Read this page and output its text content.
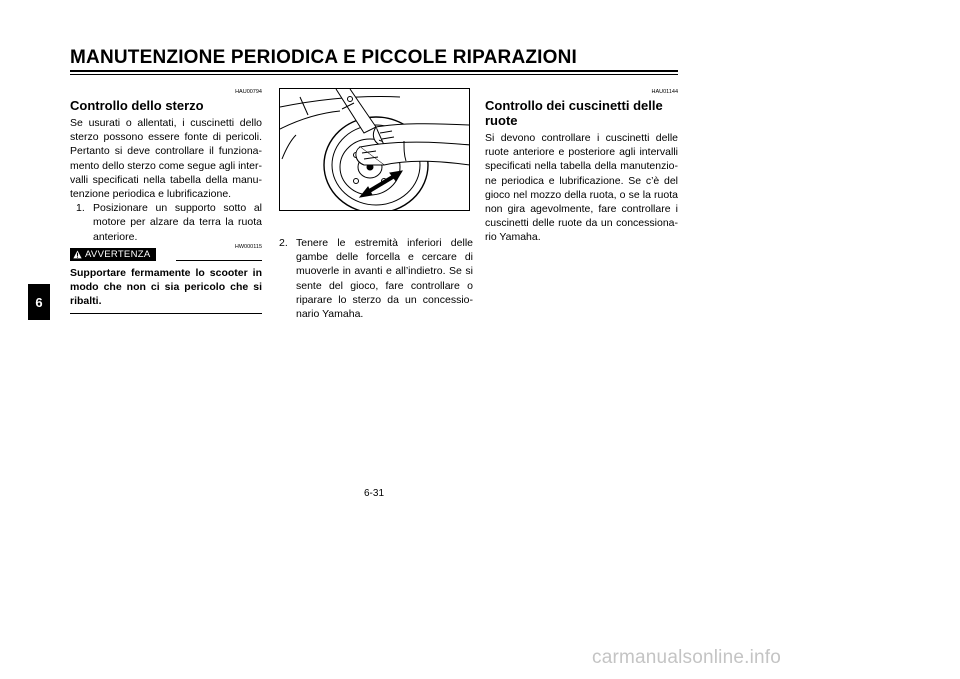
MANUTENZIONE PERIODICA E PICCOLE RIPARAZIONI
6
HAU00794
Controllo dello sterzo
Se usurati o allentati, i cuscinetti dello sterzo possono essere fonte di pericoli. Pertanto si deve controllare il funziona-mento dello sterzo come segue agli inter-valli specificati nella tabella della manu-tenzione periodica e lubrificazione.
1. Posizionare un supporto sotto al motore per alzare da terra la ruota anteriore.
HW000115
AVVERTENZA
Supportare fermamente lo scooter in modo che non ci sia pericolo che si ribalti.
2. Tenere le estremità inferiori delle gambe delle forcella e cercare di muoverle in avanti e all’indietro. Se si sente del gioco, fare controllare o riparare lo sterzo da un concessio-nario Yamaha.
HAU01144
Controllo dei cuscinetti delle ruote
Si devono controllare i cuscinetti delle ruote anteriore e posteriore agli intervalli specificati nella tabella della manutenzio-ne periodica e lubrificazione. Se c’è del gioco nel mozzo della ruota, o se la ruota non gira agevolmente, fare controllare i cuscinetti delle ruote da un concessiona-rio Yamaha.
6-31
carmanualsonline.info
